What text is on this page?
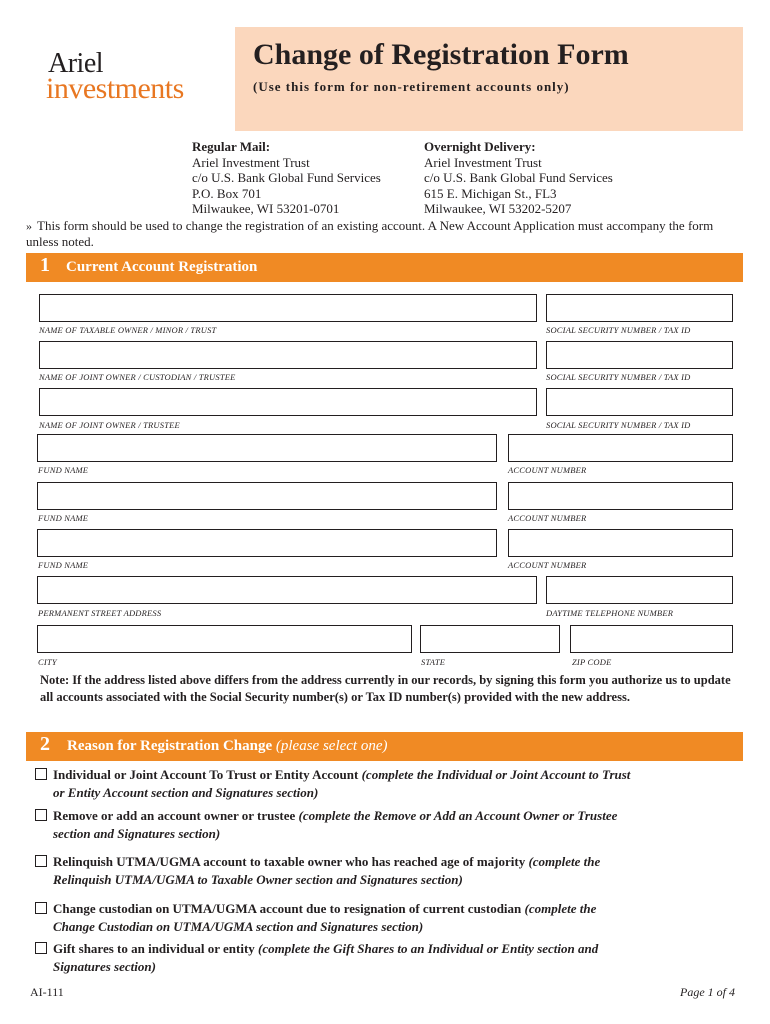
Ariel
investments
Change of Registration Form
(Use this form for non-retirement accounts only)
Regular Mail:
Ariel Investment Trust
c/o U.S. Bank Global Fund Services
P.O. Box 701
Milwaukee, WI 53201-0701
Overnight Delivery:
Ariel Investment Trust
c/o U.S. Bank Global Fund Services
615 E. Michigan St., FL3
Milwaukee, WI 53202-5207
» This form should be used to change the registration of an existing account. A New Account Application must accompany the form unless noted.
1 Current Account Registration
NAME OF TAXABLE OWNER / MINOR / TRUST	SOCIAL SECURITY NUMBER / TAX ID
NAME OF JOINT OWNER / CUSTODIAN / TRUSTEE	SOCIAL SECURITY NUMBER / TAX ID
NAME OF JOINT OWNER / TRUSTEE	SOCIAL SECURITY NUMBER / TAX ID
FUND NAME	ACCOUNT NUMBER
FUND NAME	ACCOUNT NUMBER
FUND NAME	ACCOUNT NUMBER
PERMANENT STREET ADDRESS	DAYTIME TELEPHONE NUMBER
CITY	STATE	ZIP CODE
Note: If the address listed above differs from the address currently in our records, by signing this form you authorize us to update all accounts associated with the Social Security number(s) or Tax ID number(s) provided with the new address.
2 Reason for Registration Change (please select one)
Individual or Joint Account To Trust or Entity Account (complete the Individual or Joint Account to Trust
or Entity Account section and Signatures section)
Remove or add an account owner or trustee (complete the Remove or Add an Account Owner or Trustee
section and Signatures section)
Relinquish UTMA/UGMA account to taxable owner who has reached age of majority (complete the
Relinquish UTMA/UGMA to Taxable Owner section and Signatures section)
Change custodian on UTMA/UGMA account due to resignation of current custodian (complete the
Change Custodian on UTMA/UGMA section and Signatures section)
Gift shares to an individual or entity (complete the Gift Shares to an Individual or Entity section and
Signatures section)
AI-111	Page 1 of 4
